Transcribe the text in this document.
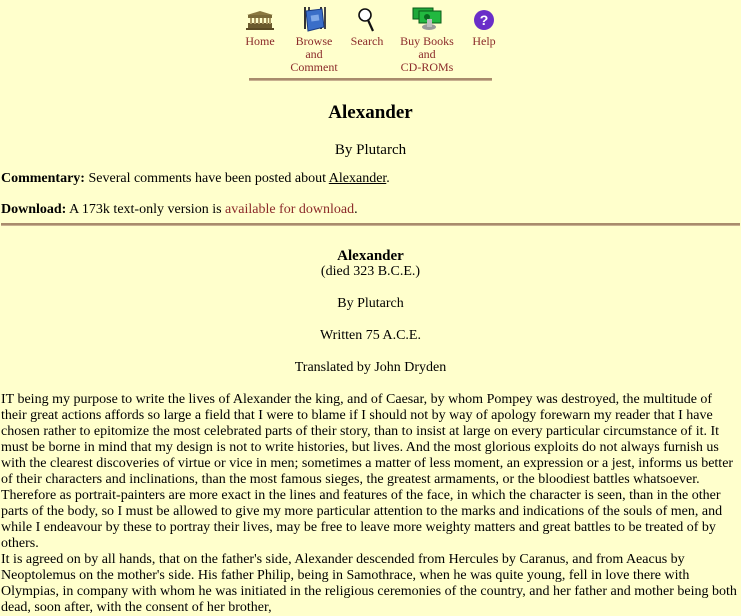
Home	Browse and
Comment
Search	Buy Books and
CD-ROMs
?
Help
Alexander
By Plutarch
Commentary: Several comments have been posted about Alexander.
Download: A 173k text-only version is available for download.
Alexander
(died 323 B.C.E.)
By Plutarch
Written 75 A.C.E.
Translated by John Dryden

IT being my purpose to write the lives of Alexander the king, and of Caesar, by whom Pompey was destroyed, the multitude of their great actions affords so large a field that I were to blame if I should not by way of apology forewarn my reader that I have chosen rather to epitomize the most celebrated parts of their story, than to insist at large on every particular circumstance of it. It must be borne in mind that my design is not to write histories, but lives. And the most glorious exploits do not always furnish us with the clearest discoveries of virtue or vice in men; sometimes a matter of less moment, an expression or a jest, informs us better of their characters and inclinations, than the most famous sieges, the greatest armaments, or the bloodiest battles whatsoever. Therefore as portrait-painters are more exact in the lines and features of the face, in which the character is seen, than in the other parts of the body, so I must be allowed to give my more particular attention to the marks and indications of the souls of men, and while I endeavour by these to portray their lives, may be free to leave more weighty matters and great battles to be treated of by others.

It is agreed on by all hands, that on the father's side, Alexander descended from Hercules by Caranus, and from Aeacus by Neoptolemus on the mother's side. His father Philip, being in Samothrace, when he was quite young, fell in love there with Olympias, in company with whom he was initiated in the religious ceremonies of the country, and her father and mother being both dead, soon after, with the consent of her brother,
